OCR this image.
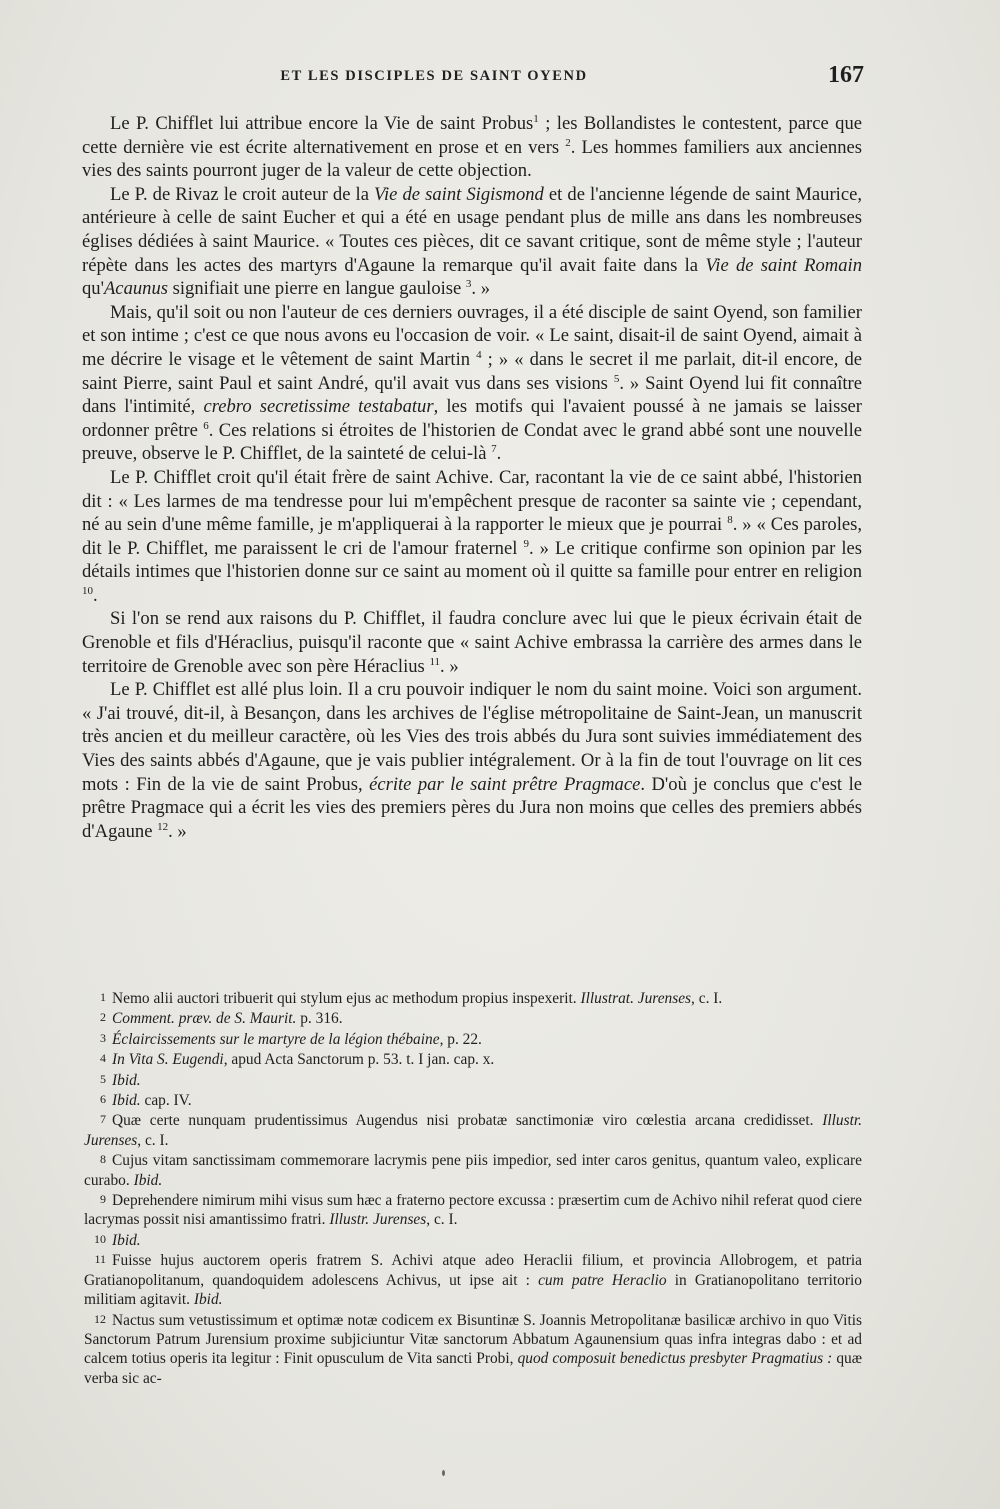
ET LES DISCIPLES DE SAINT OYEND	167

Le P. Chifflet lui attribue encore la Vie de saint Probus$^1$ ; les Bollandistes le contestent, parce que cette dernière vie est écrite alternativement en prose et en vers $^2$. Les hommes familiers aux anciennes vies des saints pourront juger de la valeur de cette objection.

Le P. de Rivaz le croit auteur de la Vie de saint Sigismond et de l'ancienne légende de saint Maurice, antérieure à celle de saint Eucher et qui a été en usage pendant plus de mille ans dans les nombreuses églises dédiées à saint Maurice. « Toutes ces pièces, dit ce savant critique, sont de même style ; l'auteur répète dans les actes des martyrs d'Agaune la remarque qu'il avait faite dans la Vie de saint Romain qu'Acaunus signifiait une pierre en langue gauloise $^3$. »

Mais, qu'il soit ou non l'auteur de ces derniers ouvrages, il a été disciple de saint Oyend, son familier et son intime ; c'est ce que nous avons eu l'occasion de voir. « Le saint, disait-il de saint Oyend, aimait à me décrire le visage et le vêtement de saint Martin $^4$ ; » « dans le secret il me parlait, dit-il encore, de saint Pierre, saint Paul et saint André, qu'il avait vus dans ses visions $^5$. » Saint Oyend lui fit connaître dans l'intimité, crebro secretissime testabatur, les motifs qui l'avaient poussé à ne jamais se laisser ordonner prêtre $^6$. Ces relations si étroites de l'historien de Condat avec le grand abbé sont une nouvelle preuve, observe le P. Chifflet, de la sainteté de celui-là $^7$.

Le P. Chifflet croit qu'il était frère de saint Achive. Car, racontant la vie de ce saint abbé, l'historien dit : « Les larmes de ma tendresse pour lui m'empêchent presque de raconter sa sainte vie ; cependant, né au sein d'une même famille, je m'appliquerai à la rapporter le mieux que je pourrai $^8$. » « Ces paroles, dit le P. Chifflet, me paraissent le cri de l'amour fraternel $^9$. » Le critique confirme son opinion par les détails intimes que l'historien donne sur ce saint au moment où il quitte sa famille pour entrer en religion $^{10}$.

Si l'on se rend aux raisons du P. Chifflet, il faudra conclure avec lui que le pieux écrivain était de Grenoble et fils d'Héraclius, puisqu'il raconte que « saint Achive embrassa la carrière des armes dans le territoire de Grenoble avec son père Héraclius $^{11}$. »

Le P. Chifflet est allé plus loin. Il a cru pouvoir indiquer le nom du saint moine. Voici son argument. « J'ai trouvé, dit-il, à Besançon, dans les archives de l'église métropolitaine de Saint-Jean, un manuscrit très ancien et du meilleur caractère, où les Vies des trois abbés du Jura sont suivies immédiatement des Vies des saints abbés d'Agaune, que je vais publier intégralement. Or à la fin de tout l'ouvrage on lit ces mots : Fin de la vie de saint Probus, écrite par le saint prêtre Pragmace. D'où je conclus que c'est le prêtre Pragmace qui a écrit les vies des premiers pères du Jura non moins que celles des premiers abbés d'Agaune $^{12}$. »

1 Nemo alii auctori tribuerit qui stylum ejus ac methodum propius inspexerit. Illustrat. Jurenses, c. I.

2 Comment. præv. de S. Maurit. p. 316.

3 Éclaircissements sur le martyre de la légion thébaine, p. 22.

4 In Vita S. Eugendi, apud Acta Sanctorum p. 53. t. I jan. cap. x.

5 Ibid.

6 Ibid. cap. IV.

7 Quæ certe nunquam prudentissimus Augendus nisi probatæ sanctimoniæ viro cœlestia arcana credidisset. Illustr. Jurenses, c. I.

8 Cujus vitam sanctissimam commemorare lacrymis pene piis impedior, sed inter caros genitus, quantum valeo, explicare curabo. Ibid.

9 Deprehendere nimirum mihi visus sum hæc a fraterno pectore excussa : præsertim cum de Achivo nihil referat quod ciere lacrymas possit nisi amantissimo fratri. Illustr. Jurenses, c. I.

10 Ibid.

11 Fuisse hujus auctorem operis fratrem S. Achivi atque adeo Heraclii filium, et provincia Allobrogem, et patria Gratianopolitanum, quandoquidem adolescens Achivus, ut ipse ait : cum patre Heraclio in Gratianopolitano territorio militiam agitavit. Ibid.

12 Nactus sum vetustissimum et optimæ notæ codicem ex Bisuntinæ S. Joannis Metropolitanæ basilicæ archivo in quo Vitis Sanctorum Patrum Jurensium proxime subjiciuntur Vitæ sanctorum Abbatum Agaunensium quas infra integras dabo : et ad calcem totius operis ita legitur : Finit opusculum de Vita sancti Probi, quod composuit benedictus presbyter Pragmatius : quæ verba sic ac-
